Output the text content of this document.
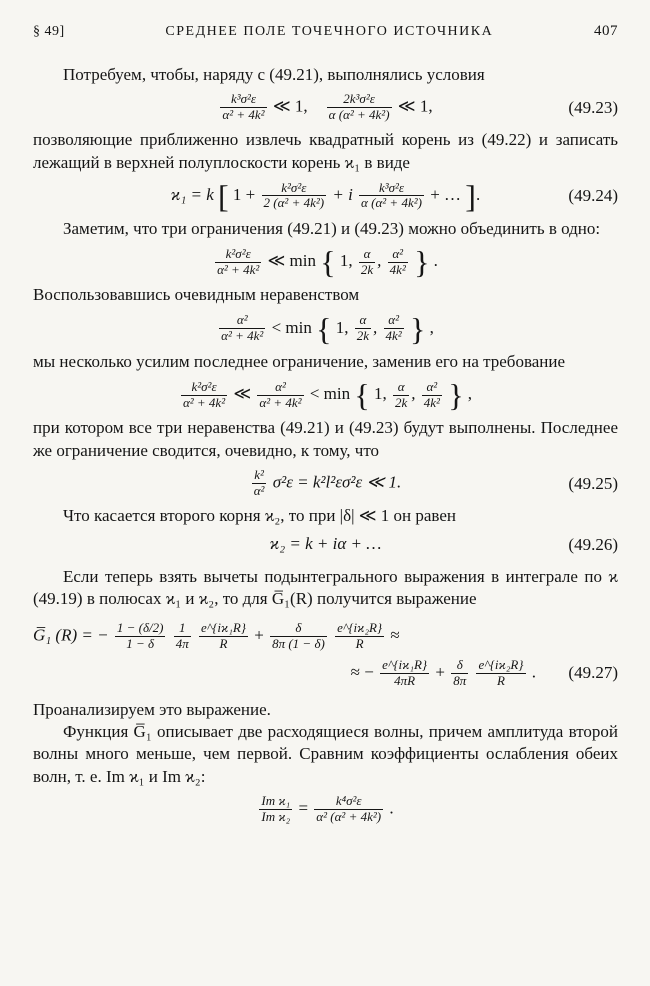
§ 49]	СРЕДНЕЕ ПОЛЕ ТОЧЕЧНОГО ИСТОЧНИКА	407

Потребуем, чтобы, наряду с (49.21), выполнялись условия

$\frac{\text{k³σ²ε}}{\text{α² + 4k²}}$ ≪ 1, $\frac{\text{2k³σ²ε}}{\text{α (α² + 4k²)}}$ ≪ 1,	(49.23)

позволяющие приближенно извлечь квадратный корень из (49.22) и записать лежащий в верхней полуплоскости корень ϰ₁ в виде

ϰ₁ = k [ $1 + \frac{\text{k²σ²ε}}{\text{2 (α² + 4k²)}} + i \frac{\text{k³σ²ε}}{\text{α (α² + 4k²)}}$ + … ].	(49.24)

Заметим, что три ограничения (49.21) и (49.23) можно объединить в одно:

$\frac{\text{k²σ²ε}}{\text{α² + 4k²}}$ ≪ min { 1, $\frac{\alpha}{2k}$ , $\frac{\text{α²}}{\text{4k²}}$ } .

Воспользовавшись очевидным неравенством

$\frac{\text{α²}}{\text{α² + 4k²}} < \min$ { 1, $\frac{\alpha}{2k}$ , $\frac{\text{α²}}{\text{4k²}}$ } ,

мы несколько усилим последнее ограничение, заменив его на требование

$\frac{\text{k²σ²ε}}{\text{α² + 4k²}}$ ≪ $\frac{\text{α²}}{\text{α² + 4k²}} < \min$ { 1, $\frac{\alpha}{2k}$ , $\frac{\text{α²}}{\text{4k²}}$ } ,

при котором все три неравенства (49.21) и (49.23) будут выполнены. Последнее же ограничение сводится, очевидно, к тому, что

$\frac{\text{k²}}{\text{α²}} \sigma^2\varepsilon = k^2l^2\varepsilon\sigma^2\varepsilon$ ≪ 1.	(49.25)

Что касается второго корня ϰ₂, то при |δ| ≪ 1 он равен

ϰ₂ = k + iα + …	(49.26)

Если теперь взять вычеты подынтегрального выражения в интеграле по ϰ (49.19) в полюсах ϰ₁ и ϰ₂, то для G̅₁(R) получится выражение

G̅₁ (R) = − $\frac{1 - (\delta/2)}{1 - \delta}$
$\frac{1}{4\pi}$
$\frac{\text{e\textasciicircum{}\{iϰ₁R\}}}{R} + \frac{\delta}{8\pi (1 - \delta)}$
$\frac{\text{e\textasciicircum{}\{iϰ₂R\}}}{R}$ ≈
≈ − $\frac{\text{e\textasciicircum{}\{iϰ₁R\}}}{4\pi R} + \frac{\delta}{8\pi}$
$\frac{\text{e\textasciicircum{}\{iϰ₂R\}}}{R}$ . (49.27)

Проанализируем это выражение.

Функция G̅₁ описывает две расходящиеся волны, причем амплитуда второй волны много меньше, чем первой. Сравним коэффициенты ослабления обеих волн, т. е. Im ϰ₁ и Im ϰ₂:

$\frac{\text{Im ϰ₁}}{\text{Im ϰ₂}} = \frac{\text{k⁴σ²ε}}{\text{α² (α² + 4k²)}}$ .
